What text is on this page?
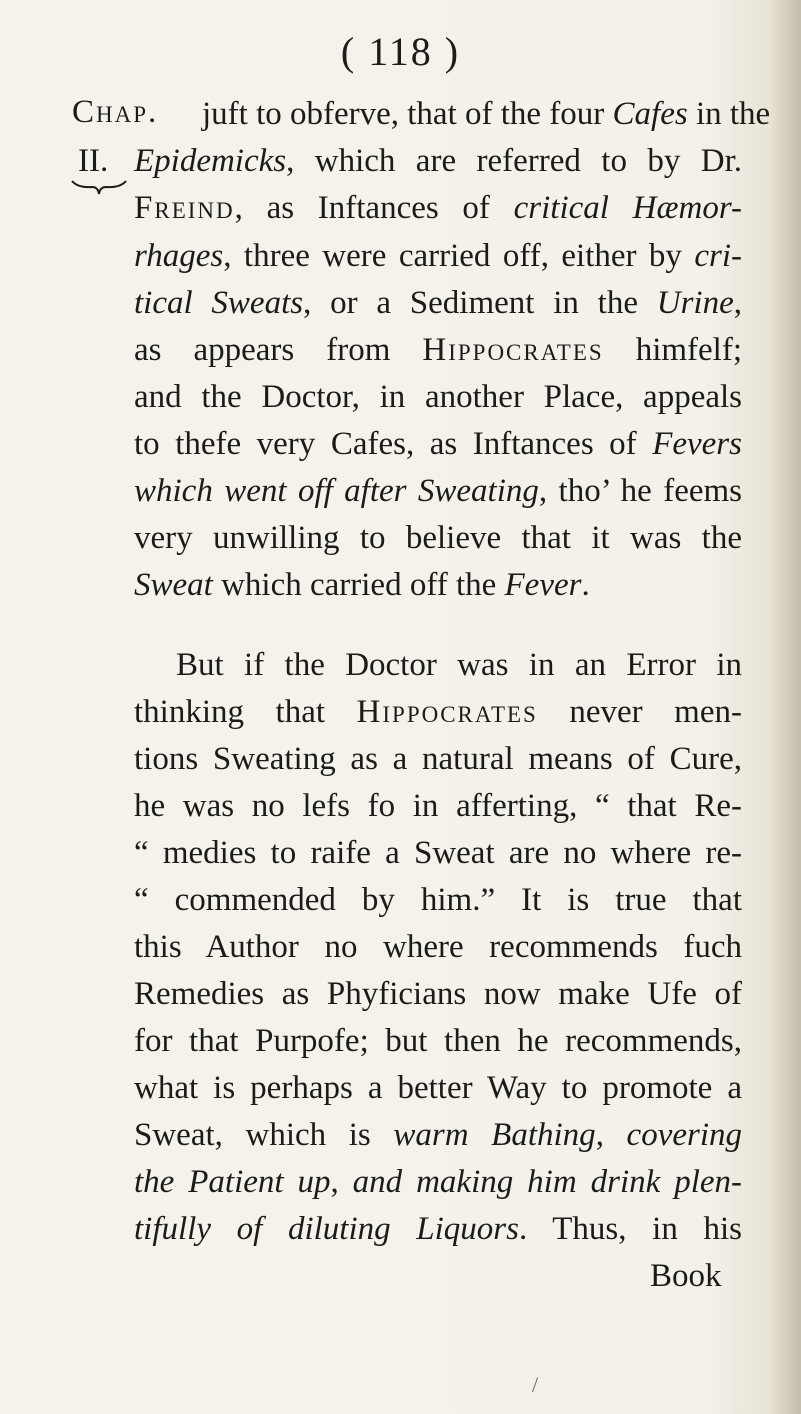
( 118 )
Chap.
II.
juft to obferve, that of the four Cafes in the
Epidemicks, which are referred to by Dr.
Freind, as Inftances of critical Hæmor-
rhages, three were carried off, either by cri-
tical Sweats, or a Sediment in the Urine,
as appears from Hippocrates himfelf;
and the Doctor, in another Place, appeals
to thefe very Cafes, as Inftances of Fevers
which went off after Sweating, tho’ he feems
very unwilling to believe that it was the
Sweat which carried off the Fever.
But if the Doctor was in an Error in
thinking that Hippocrates never men-
tions Sweating as a natural means of Cure,
he was no lefs fo in afferting, “ that Re-
“ medies to raife a Sweat are no where re-
“ commended by him.” It is true that
this Author no where recommends fuch
Remedies as Phyficians now make Ufe of
for that Purpofe; but then he recommends,
what is perhaps a better Way to promote a
Sweat, which is warm Bathing, covering
the Patient up, and making him drink plen-
tifully of diluting Liquors. Thus, in his
Book
/
